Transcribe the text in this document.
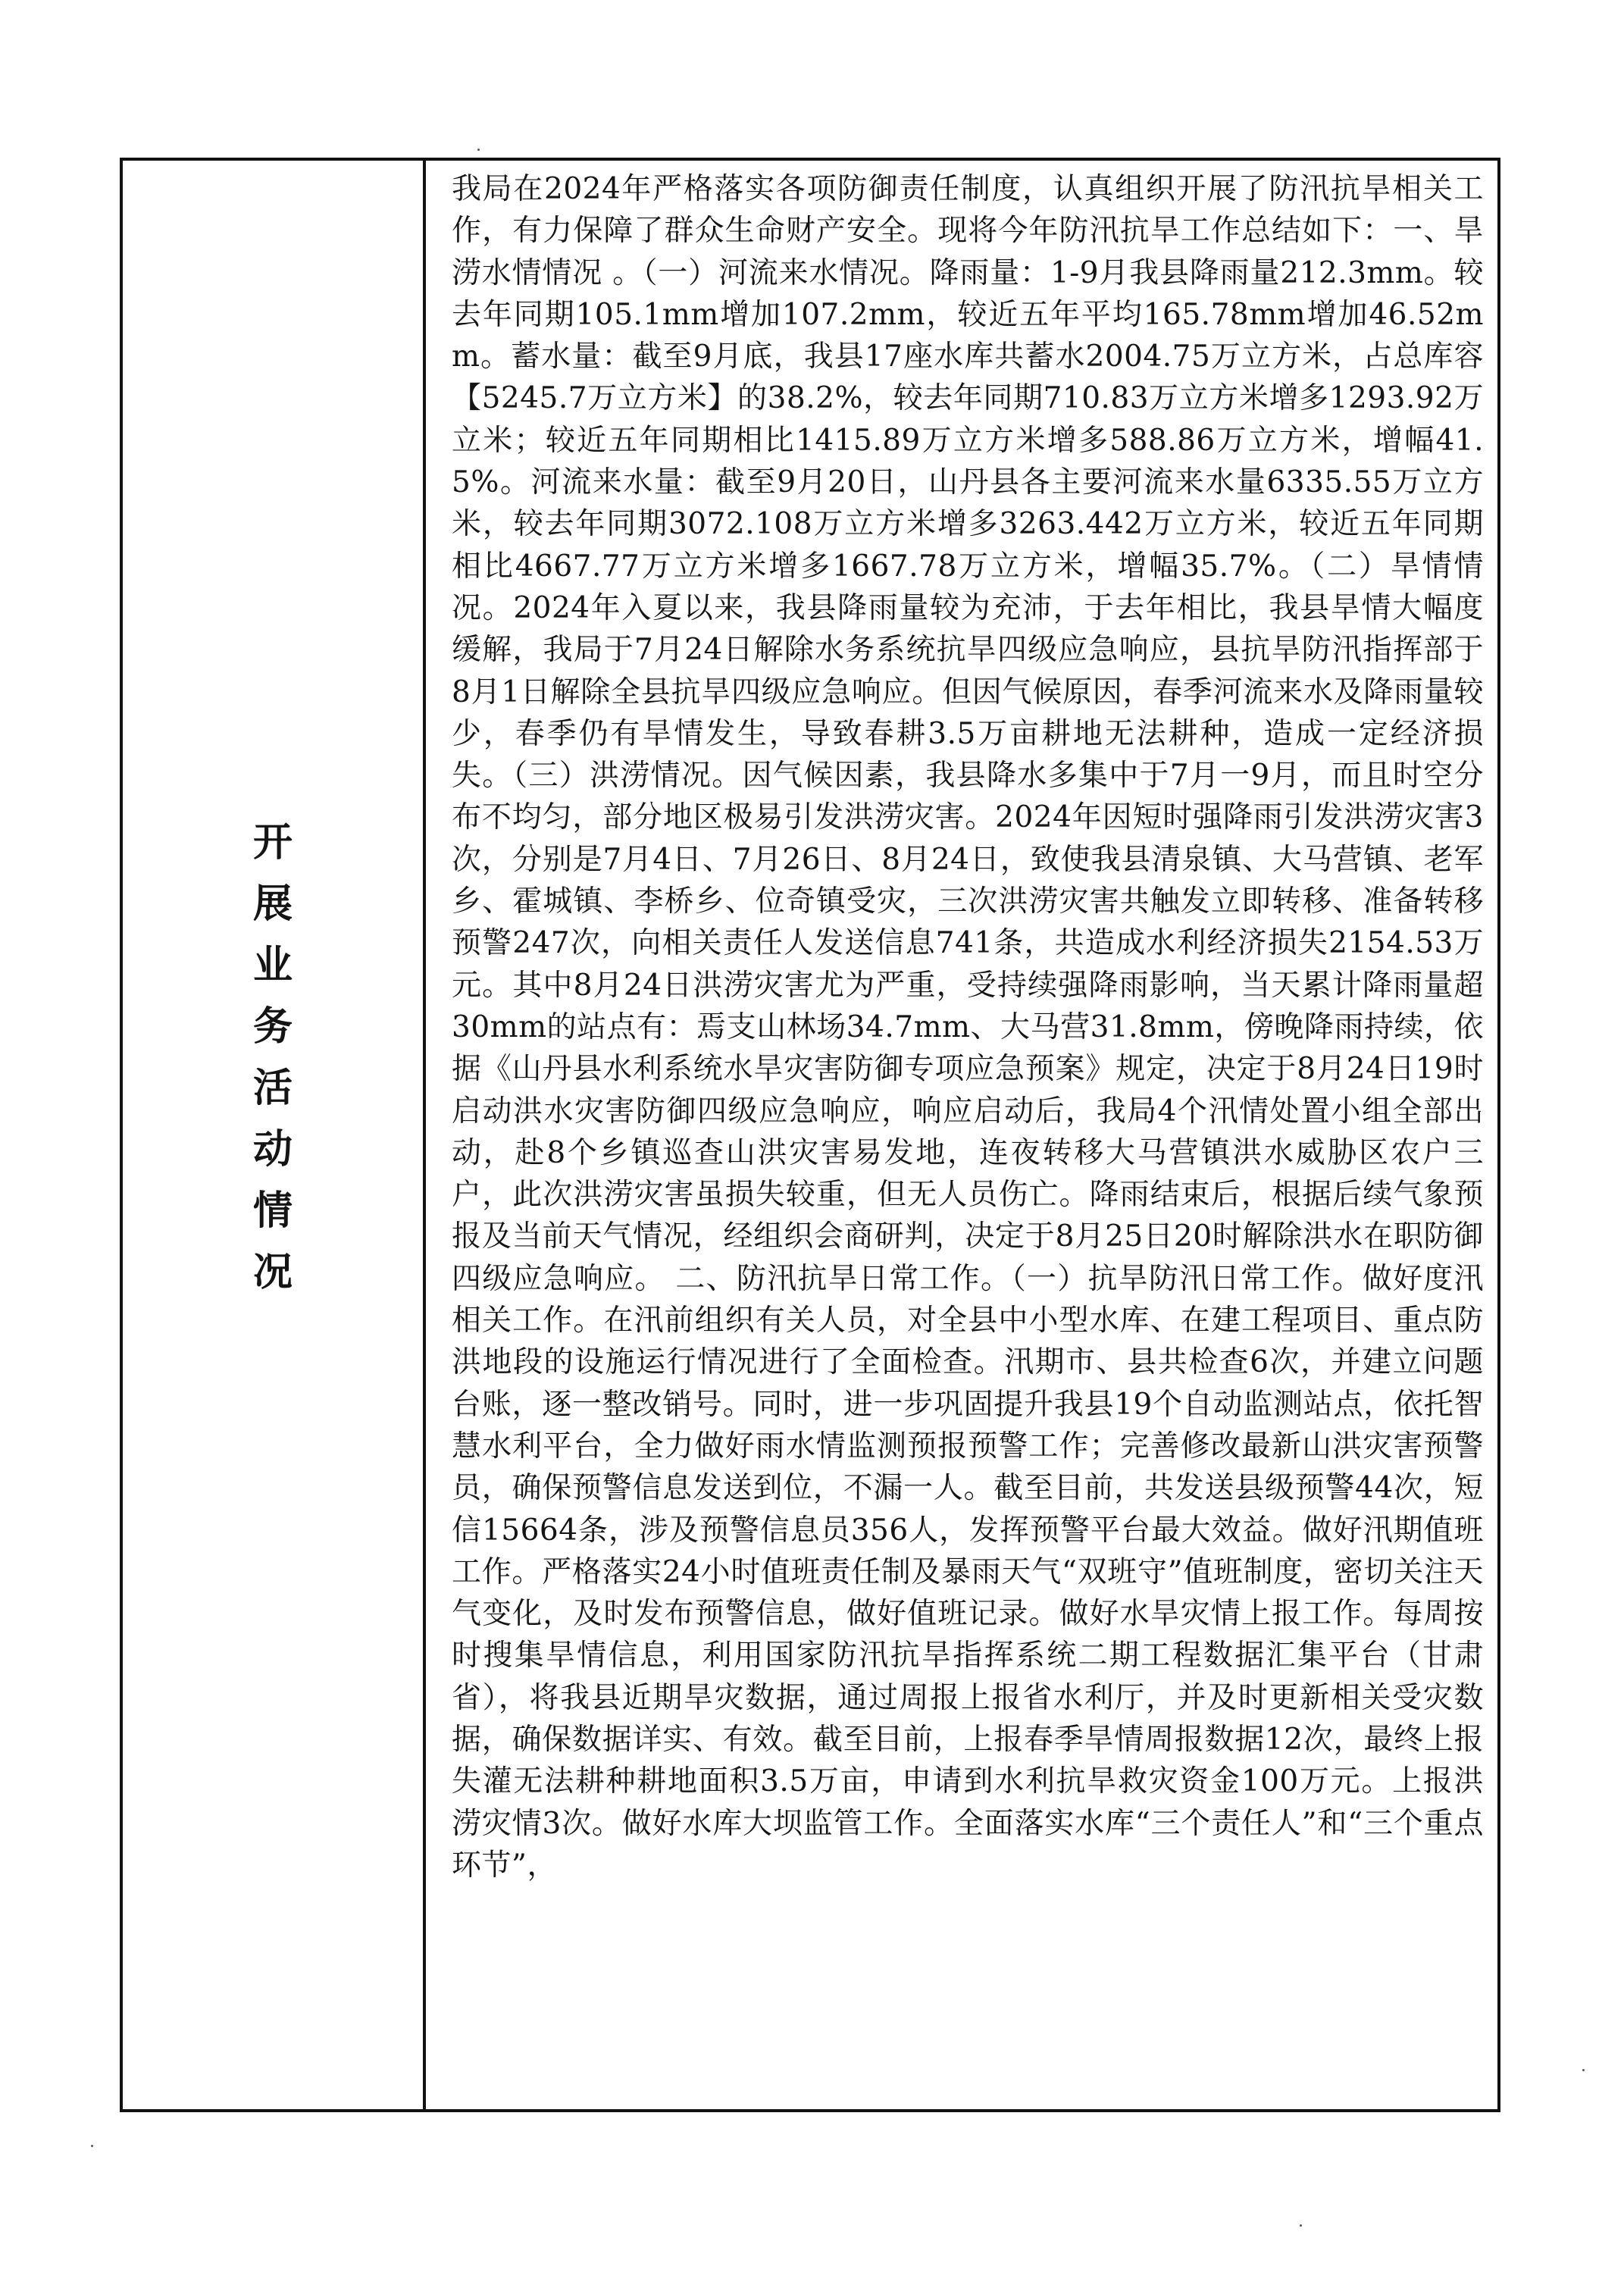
开
展
业
务
活
动
情
况

我局在2024年严格落实各项防御责任制度，认真组织开展了防汛抗旱相关工作，有力保障了群众生命财产安全。现将今年防汛抗旱工作总结如下：一、旱涝水情情况 。（一）河流来水情况。降雨量：1-9月我县降雨量212.3mm。较去年同期105.1mm增加107.2mm，较近五年平均165.78mm增加46.52mm。蓄水量：截至9月底，我县17座水库共蓄水2004.75万立方米，占总库容【5245.7万立方米】的38.2%，较去年同期710.83万立方米增多1293.92万立米；较近五年同期相比1415.89万立方米增多588.86万立方米，增幅41.5%。河流来水量：截至9月20日，山丹县各主要河流来水量6335.55万立方米，较去年同期3072.108万立方米增多3263.442万立方米，较近五年同期相比4667.77万立方米增多1667.78万立方米，增幅35.7%。（二）旱情情况。2024年入夏以来，我县降雨量较为充沛，于去年相比，我县旱情大幅度缓解，我局于7月24日解除水务系统抗旱四级应急响应，县抗旱防汛指挥部于8月1日解除全县抗旱四级应急响应。但因气候原因，春季河流来水及降雨量较少，春季仍有旱情发生，导致春耕3.5万亩耕地无法耕种，造成一定经济损失。（三）洪涝情况。因气候因素，我县降水多集中于7月一9月，而且时空分布不均匀，部分地区极易引发洪涝灾害。2024年因短时强降雨引发洪涝灾害3次，分别是7月4日、7月26日、8月24日，致使我县清泉镇、大马营镇、老军乡、霍城镇、李桥乡、位奇镇受灾，三次洪涝灾害共触发立即转移、准备转移预警247次，向相关责任人发送信息741条，共造成水利经济损失2154.53万元。其中8月24日洪涝灾害尤为严重，受持续强降雨影响，当天累计降雨量超30mm的站点有：焉支山林场34.7mm、大马营31.8mm，傍晚降雨持续，依据《山丹县水利系统水旱灾害防御专项应急预案》规定，决定于8月24日19时启动洪水灾害防御四级应急响应，响应启动后，我局4个汛情处置小组全部出动，赴8个乡镇巡查山洪灾害易发地，连夜转移大马营镇洪水威胁区农户三户，此次洪涝灾害虽损失较重，但无人员伤亡。降雨结束后，根据后续气象预报及当前天气情况，经组织会商研判，决定于8月25日20时解除洪水在职防御四级应急响应。 二、防汛抗旱日常工作。（一）抗旱防汛日常工作。做好度汛相关工作。在汛前组织有关人员，对全县中小型水库、在建工程项目、重点防洪地段的设施运行情况进行了全面检查。汛期市、县共检查6次，并建立问题台账，逐一整改销号。同时，进一步巩固提升我县19个自动监测站点，依托智慧水利平台，全力做好雨水情监测预报预警工作；完善修改最新山洪灾害预警员，确保预警信息发送到位，不漏一人。截至目前，共发送县级预警44次，短信15664条，涉及预警信息员356人，发挥预警平台最大效益。做好汛期值班工作。严格落实24小时值班责任制及暴雨天气“双班守”值班制度，密切关注天气变化，及时发布预警信息，做好值班记录。做好水旱灾情上报工作。每周按时搜集旱情信息，利用国家防汛抗旱指挥系统二期工程数据汇集平台（甘肃省），将我县近期旱灾数据，通过周报上报省水利厅，并及时更新相关受灾数据，确保数据详实、有效。截至目前，上报春季旱情周报数据12次，最终上报失灌无法耕种耕地面积3.5万亩，申请到水利抗旱救灾资金100万元。上报洪涝灾情3次。做好水库大坝监管工作。全面落实水库“三个责任人”和“三个重点环节”，
